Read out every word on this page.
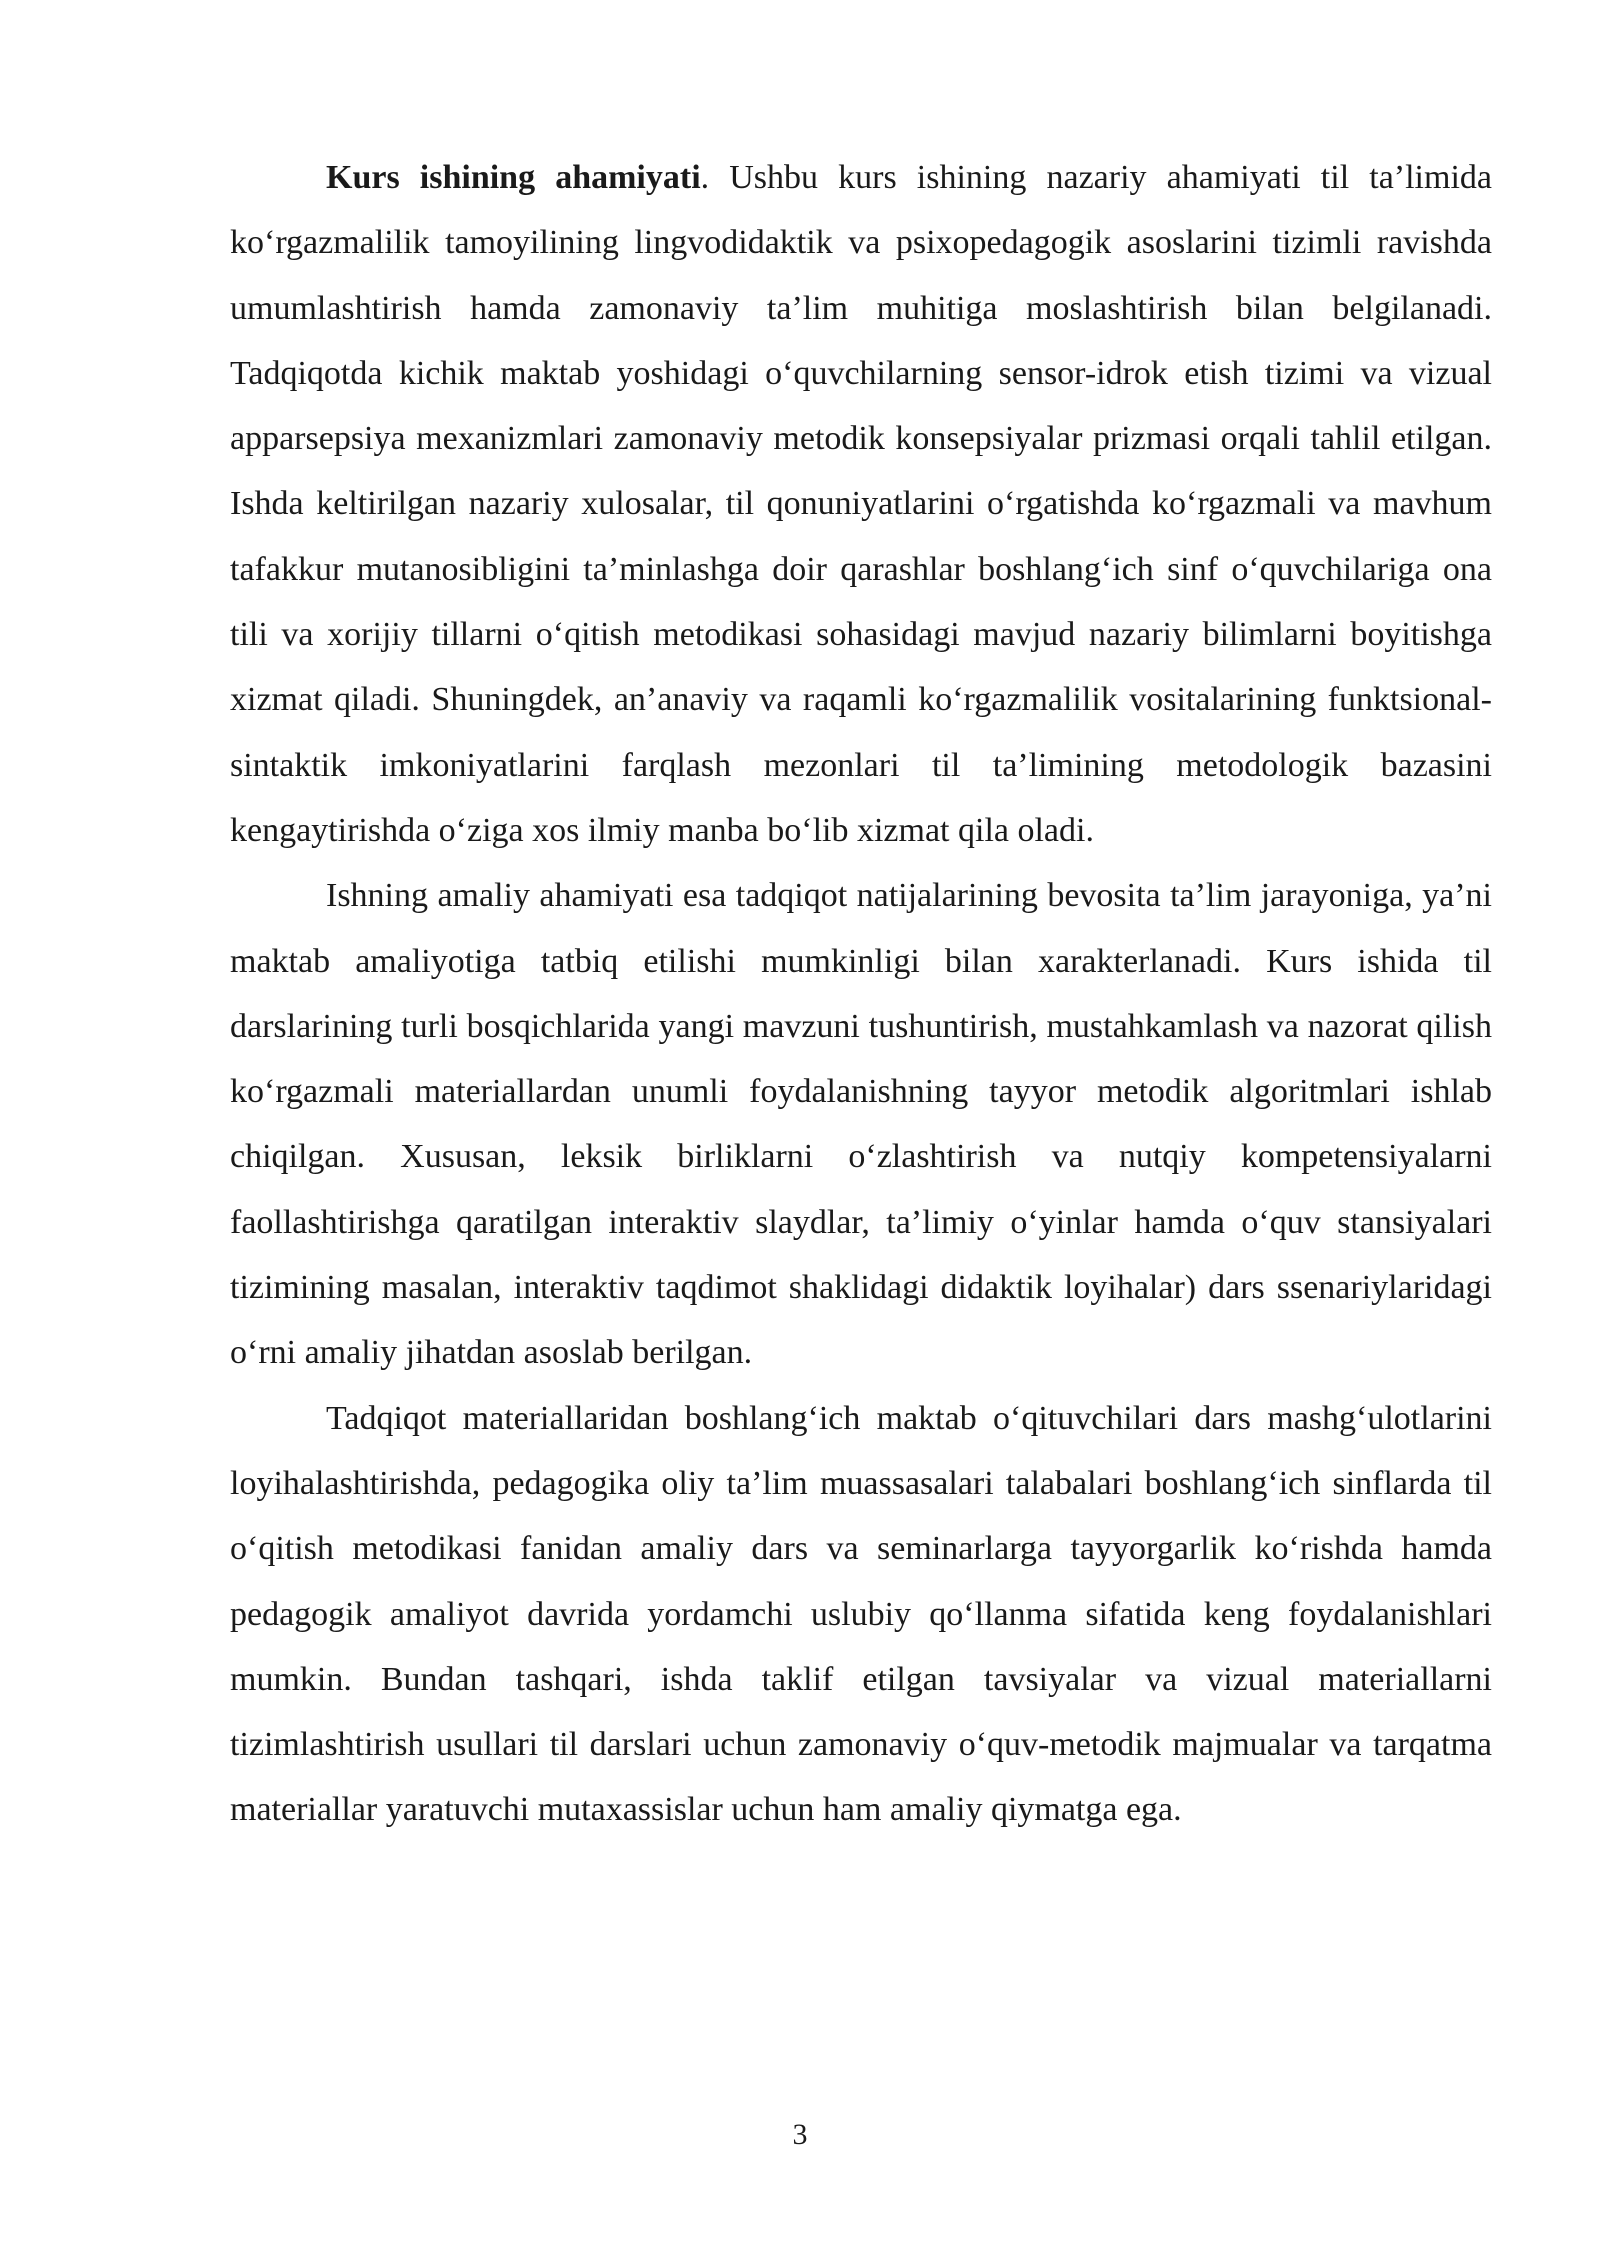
Kurs ishining ahamiyati. Ushbu kurs ishining nazariy ahamiyati til ta’limida ko‘rgazmalilik tamoyilining lingvodidaktik va psixopedagogik asoslarini tizimli ravishda umumlashtirish hamda zamonaviy ta’lim muhitiga moslashtirish bilan belgilanadi. Tadqiqotda kichik maktab yoshidagi o‘quvchilarning sensor-idrok etish tizimi va vizual apparsepsiya mexanizmlari zamonaviy metodik konsepsiyalar prizmasi orqali tahlil etilgan. Ishda keltirilgan nazariy xulosalar, til qonuniyatlarini o‘rgatishda ko‘rgazmali va mavhum tafakkur mutanosibligini ta’minlashga doir qarashlar boshlang‘ich sinf o‘quvchilariga ona tili va xorijiy tillarni o‘qitish metodikasi sohasidagi mavjud nazariy bilimlarni boyitishga xizmat qiladi. Shuningdek, an’anaviy va raqamli ko‘rgazmalilik vositalarining funktsional-sintaktik imkoniyatlarini farqlash mezonlari til ta’limining metodologik bazasini kengaytirishda o‘ziga xos ilmiy manba bo‘lib xizmat qila oladi.

Ishning amaliy ahamiyati esa tadqiqot natijalarining bevosita ta’lim jarayoniga, ya’ni maktab amaliyotiga tatbiq etilishi mumkinligi bilan xarakterlanadi. Kurs ishida til darslarining turli bosqichlarida yangi mavzuni tushuntirish, mustahkamlash va nazorat qilish ko‘rgazmali materiallardan unumli foydalanishning tayyor metodik algoritmlari ishlab chiqilgan. Xususan, leksik birliklarni o‘zlashtirish va nutqiy kompetensiyalarni faollashtirishga qaratilgan interaktiv slaydlar, ta’limiy o‘yinlar hamda o‘quv stansiyalari tizimining masalan, interaktiv taqdimot shaklidagi didaktik loyihalar) dars ssenariylaridagi o‘rni amaliy jihatdan asoslab berilgan.

Tadqiqot materiallaridan boshlang‘ich maktab o‘qituvchilari dars mashg‘ulotlarini loyihalashtirishda, pedagogika oliy ta’lim muassasalari talabalari boshlang‘ich sinflarda til o‘qitish metodikasi fanidan amaliy dars va seminarlarga tayyorgarlik ko‘rishda hamda pedagogik amaliyot davrida yordamchi uslubiy qo‘llanma sifatida keng foydalanishlari mumkin. Bundan tashqari, ishda taklif etilgan tavsiyalar va vizual materiallarni tizimlashtirish usullari til darslari uchun zamonaviy o‘quv-metodik majmualar va tarqatma materiallar yaratuvchi mutaxassislar uchun ham amaliy qiymatga ega.

3
